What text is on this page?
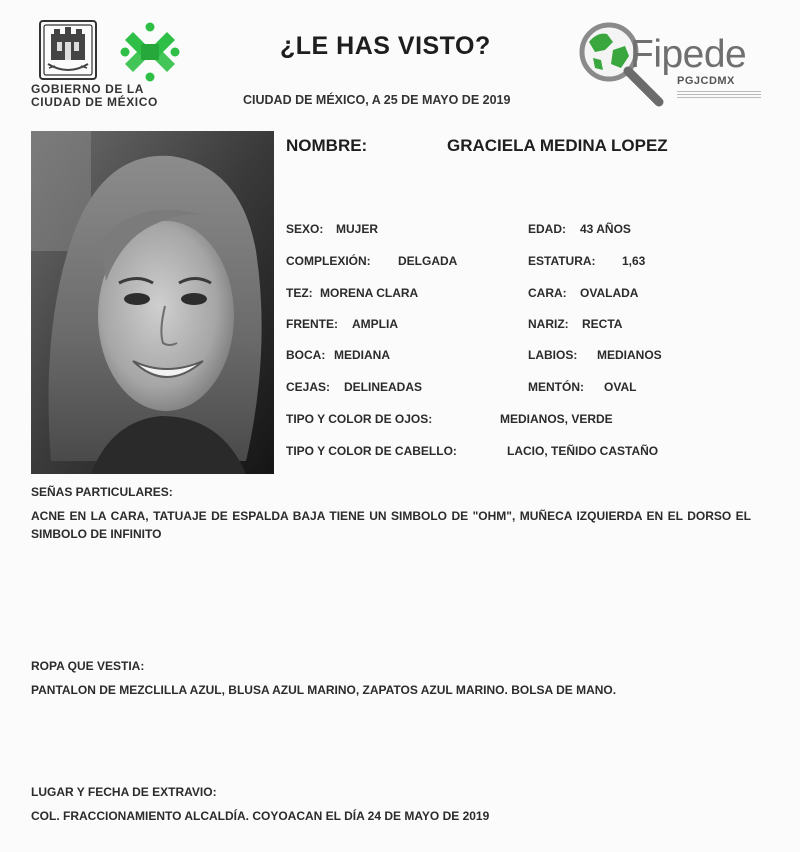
GOBIERNO DE LA
CIUDAD DE MÉXICO
¿LE HAS VISTO?
CIUDAD DE MÉXICO, A 25 DE MAYO DE 2019
Fipede
PGJCDMX
NOMBRE:	GRACIELA MEDINA LOPEZ
SEXO: MUJER	EDAD: 43 AÑOS
COMPLEXIÓN: DELGADA	ESTATURA: 1,63
TEZ: MORENA CLARA	CARA: OVALADA
FRENTE: AMPLIA	NARIZ: RECTA
BOCA: MEDIANA	LABIOS: MEDIANOS
CEJAS: DELINEADAS	MENTÓN: OVAL
TIPO Y COLOR DE OJOS:	MEDIANOS, VERDE
TIPO Y COLOR DE CABELLO:	LACIO, TEÑIDO CASTAÑO
SEÑAS PARTICULARES:
ACNE EN LA CARA, TATUAJE DE ESPALDA BAJA TIENE UN SIMBOLO DE "OHM", MUÑECA IZQUIERDA EN EL DORSO EL SIMBOLO DE INFINITO
ROPA QUE VESTIA:
PANTALON DE MEZCLILLA AZUL, BLUSA AZUL MARINO, ZAPATOS AZUL MARINO. BOLSA DE MANO.
LUGAR Y FECHA DE EXTRAVIO:
COL. FRACCIONAMIENTO ALCALDÍA. COYOACAN EL DÍA 24 DE MAYO DE 2019
